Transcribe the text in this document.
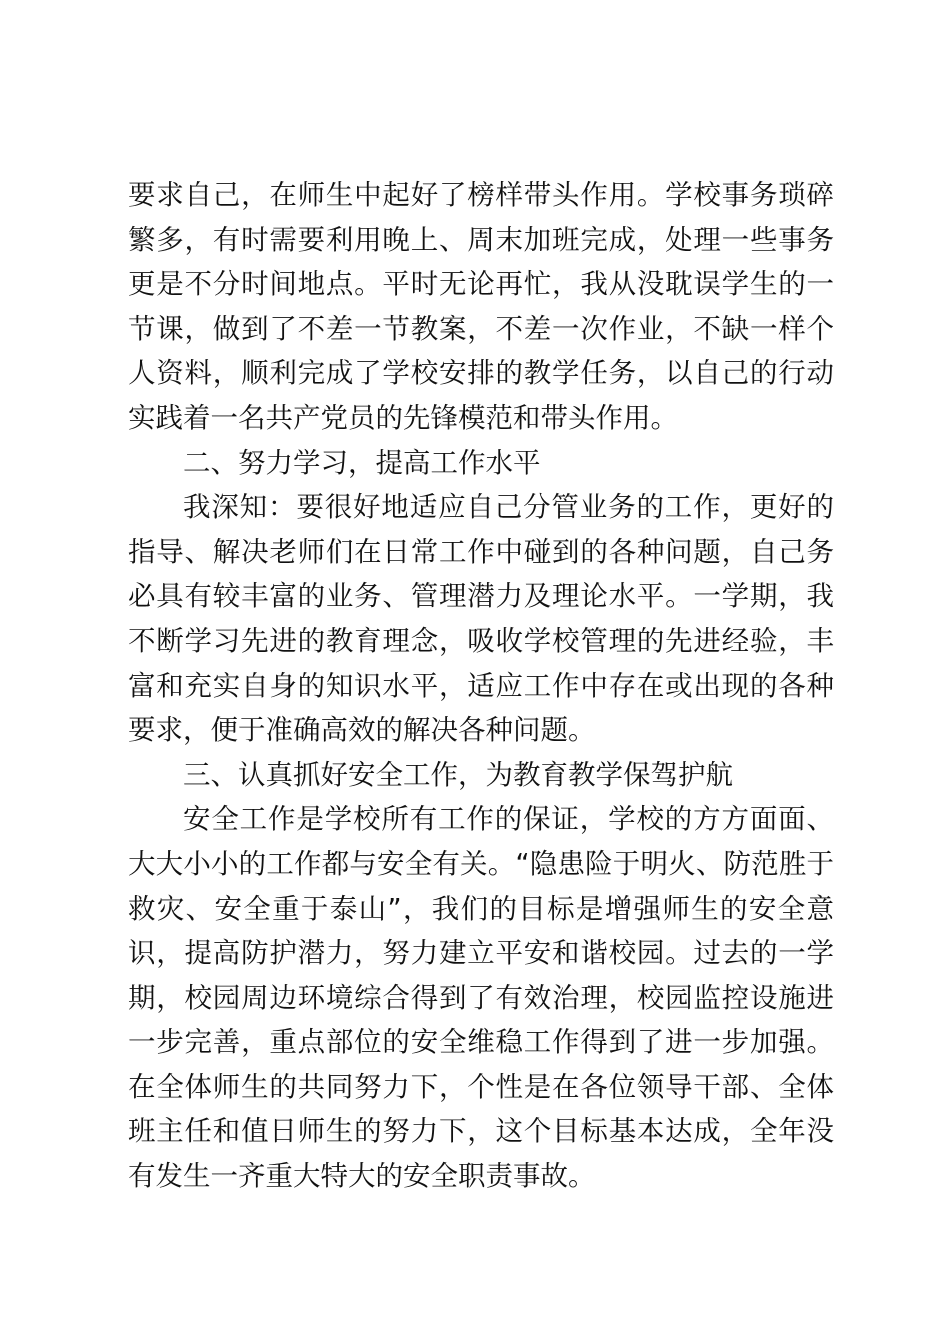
要求自己，在师生中起好了榜样带头作用。学校事务琐碎繁多，有时需要利用晚上、周末加班完成，处理一些事务更是不分时间地点。平时无论再忙，我从没耽误学生的一节课，做到了不差一节教案，不差一次作业，不缺一样个人资料，顺利完成了学校安排的教学任务，以自己的行动实践着一名共产党员的先锋模范和带头作用。

二、努力学习，提高工作水平

我深知：要很好地适应自己分管业务的工作，更好的指导、解决老师们在日常工作中碰到的各种问题，自己务必具有较丰富的业务、管理潜力及理论水平。一学期，我不断学习先进的教育理念，吸收学校管理的先进经验，丰富和充实自身的知识水平，适应工作中存在或出现的各种要求，便于准确高效的解决各种问题。

三、认真抓好安全工作，为教育教学保驾护航

安全工作是学校所有工作的保证，学校的方方面面、大大小小的工作都与安全有关。“隐患险于明火、防范胜于救灾、安全重于泰山”，我们的目标是增强师生的安全意识，提高防护潜力，努力建立平安和谐校园。过去的一学期，校园周边环境综合得到了有效治理，校园监控设施进一步完善，重点部位的安全维稳工作得到了进一步加强。在全体师生的共同努力下，个性是在各位领导干部、全体班主任和值日师生的努力下，这个目标基本达成，全年没有发生一齐重大特大的安全职责事故。
